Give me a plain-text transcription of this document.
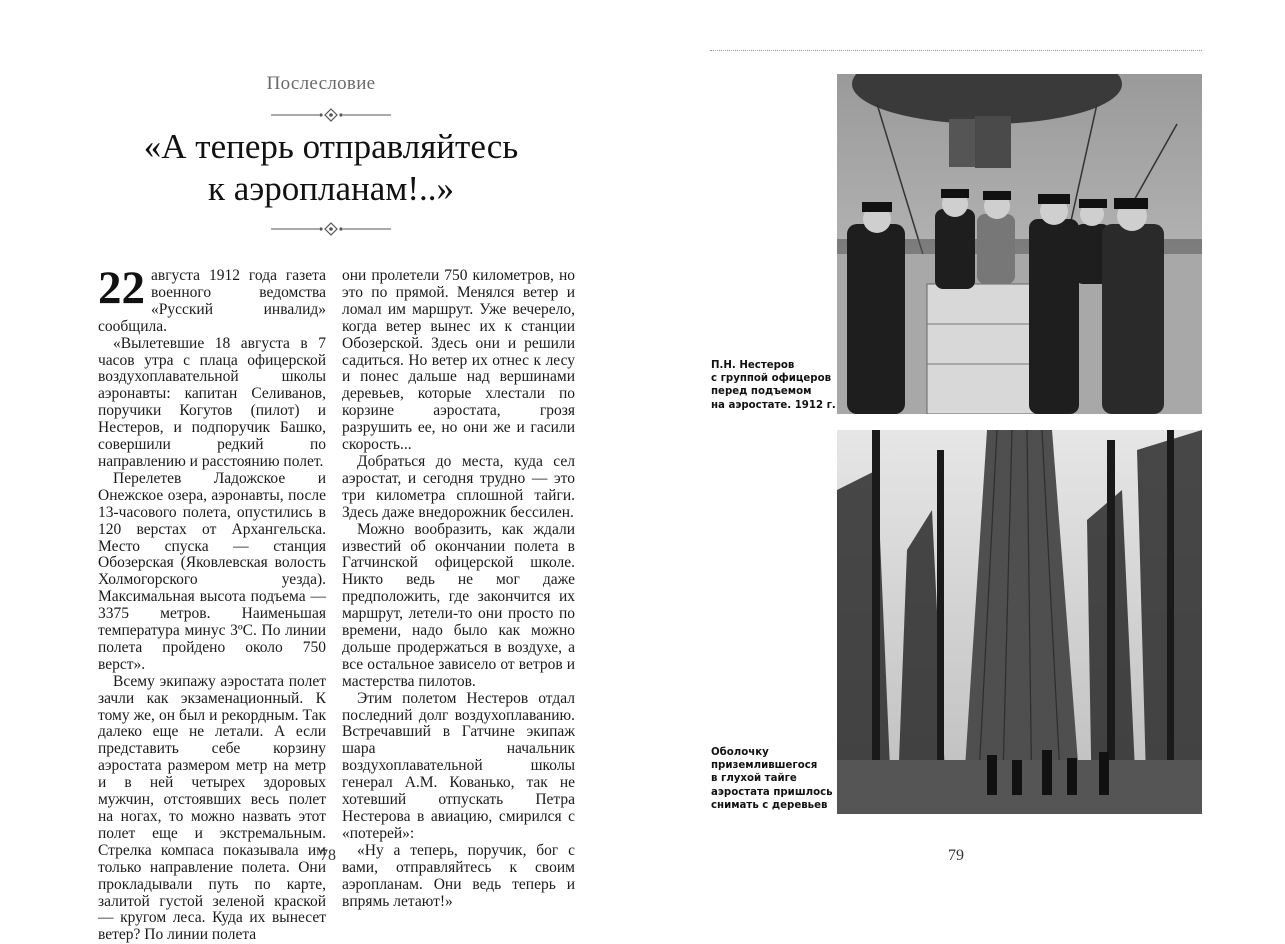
Послесловие
«А теперь отправляйтесь
к аэропланам!..»

22 августа 1912 года газета военного ведомства «Русский инвалид» сообщила.

«Вылетевшие 18 августа в 7 часов утра с плаца офицерской воздухоплавательной школы аэронавты: капитан Селиванов, поручики Когутов (пилот) и Нестеров, и подпоручик Башко, совершили редкий по направлению и расстоянию полет.

Перелетев Ладожское и Онежское озера, аэронавты, после 13-часового полета, опустились в 120 верстах от Архангельска. Место спуска — станция Обозерская (Яковлевская волость Холмогорского уезда). Максимальная высота подъема — 3375 метров. Наименьшая температура минус 3ºС. По линии полета пройдено около 750 верст».

Всему экипажу аэростата полет зачли как экзаменационный. К тому же, он был и рекордным. Так далеко еще не летали. А если представить себе корзину аэростата размером метр на метр и в ней четырех здоровых мужчин, отстоявших весь полет на ногах, то можно назвать этот полет еще и экстремальным. Стрелка компаса показывала им только направление полета. Они прокладывали путь по карте, залитой густой зеленой краской — кругом леса. Куда их вынесет ветер? По линии полета

они пролетели 750 километров, но это по прямой. Менялся ветер и ломал им маршрут. Уже вечерело, когда ветер вынес их к станции Обозерской. Здесь они и решили садиться. Но ветер их отнес к лесу и понес дальше над вершинами деревьев, которые хлестали по корзине аэростата, грозя разрушить ее, но они же и гасили скорость...

Добраться до места, куда сел аэростат, и сегодня трудно — это три километра сплошной тайги. Здесь даже внедорожник бессилен.

Можно вообразить, как ждали известий об окончании полета в Гатчинской офицерской школе. Никто ведь не мог даже предположить, где закончится их маршрут, летели-то они просто по времени, надо было как можно дольше продержаться в воздухе, а все остальное зависело от ветров и мастерства пилотов.

Этим полетом Нестеров отдал последний долг воздухоплаванию. Встречавший в Гатчине экипаж шара начальник воздухоплавательной школы генерал А.М. Кованько, так не хотевший отпускать Петра Нестерова в авиацию, смирился с «потерей»:

«Ну а теперь, поручик, бог с вами, отправляйтесь к своим аэропланам. Они ведь теперь и впрямь летают!»

78
П.Н. Нестеров
с группой офицеров
перед подъемом
на аэростате. 1912 г.
Оболочку
приземлившегося
в глухой тайге
аэростата пришлось
снимать с деревьев
79
